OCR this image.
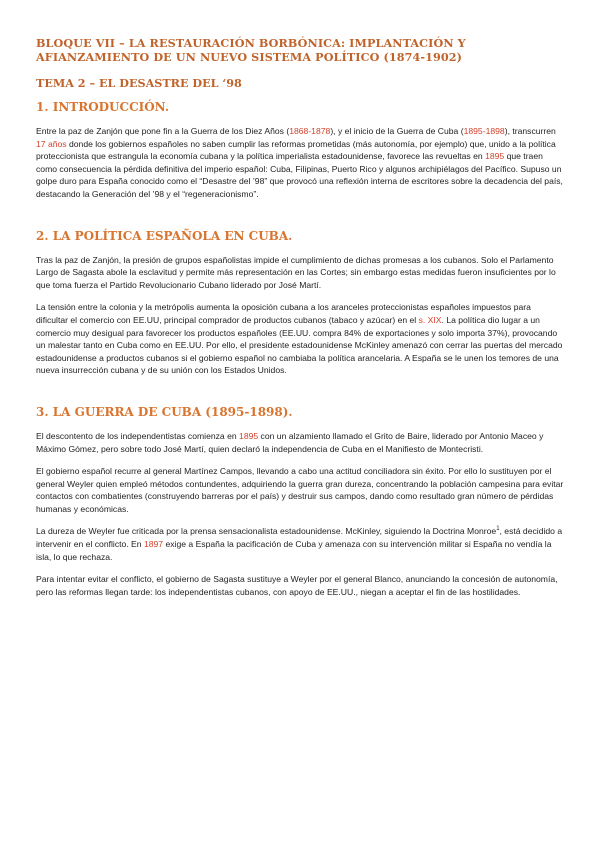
BLOQUE VII – LA RESTAURACIÓN BORBÓNICA: IMPLANTACIÓN Y AFIANZAMIENTO DE UN NUEVO SISTEMA POLÍTICO (1874-1902)
TEMA 2 – EL DESASTRE DEL ‘98
1. INTRODUCCIÓN.
Entre la paz de Zanjón que pone fin a la Guerra de los Diez Años (1868-1878), y el inicio de la Guerra de Cuba (1895-1898), transcurren 17 años donde los gobiernos españoles no saben cumplir las reformas prometidas (más autonomía, por ejemplo) que, unido a la política proteccionista que estrangula la economía cubana y la política imperialista estadounidense, favorece las revueltas en 1895 que traen como consecuencia la pérdida definitiva del imperio español: Cuba, Filipinas, Puerto Rico y algunos archipiélagos del Pacífico. Supuso un golpe duro para España conocido como el “Desastre del ’98” que provocó una reflexión interna de escritores sobre la decadencia del país, destacando la Generación del ’98 y el “regeneracionismo”.
2. LA POLÍTICA ESPAÑOLA EN CUBA.
Tras la paz de Zanjón, la presión de grupos españolistas impide el cumplimiento de dichas promesas a los cubanos. Solo el Parlamento Largo de Sagasta abole la esclavitud y permite más representación en las Cortes; sin embargo estas medidas fueron insuficientes por lo que toma fuerza el Partido Revolucionario Cubano liderado por José Martí.
La tensión entre la colonia y la metrópolis aumenta la oposición cubana a los aranceles proteccionistas españoles impuestos para dificultar el comercio con EE.UU, principal comprador de productos cubanos (tabaco y azúcar) en el s. XIX. La política dio lugar a un comercio muy desigual para favorecer los productos españoles (EE.UU. compra 84% de exportaciones y solo importa 37%), provocando un malestar tanto en Cuba como en EE.UU. Por ello, el presidente estadounidense McKinley amenazó con cerrar las puertas del mercado estadounidense a productos cubanos si el gobierno español no cambiaba la política arancelaria. A España se le unen los temores de una nueva insurrección cubana y de su unión con los Estados Unidos.
3. LA GUERRA DE CUBA (1895-1898).
El descontento de los independentistas comienza en 1895 con un alzamiento llamado el Grito de Baire, liderado por Antonio Maceo y Máximo Gómez, pero sobre todo José Martí, quien declaró la independencia de Cuba en el Manifiesto de Montecristi.
El gobierno español recurre al general Martínez Campos, llevando a cabo una actitud conciliadora sin éxito. Por ello lo sustituyen por el general Weyler quien empleó métodos contundentes, adquiriendo la guerra gran dureza, concentrando la población campesina para evitar contactos con combatientes (construyendo barreras por el país) y destruir sus campos, dando como resultado gran número de pérdidas humanas y económicas.
La dureza de Weyler fue criticada por la prensa sensacionalista estadounidense. McKinley, siguiendo la Doctrina Monroe$^1$, está decidido a intervenir en el conflicto. En 1897 exige a España la pacificación de Cuba y amenaza con su intervención militar si España no vendía la isla, lo que rechaza.
Para intentar evitar el conflicto, el gobierno de Sagasta sustituye a Weyler por el general Blanco, anunciando la concesión de autonomía, pero las reformas llegan tarde: los independentistas cubanos, con apoyo de EE.UU., niegan a aceptar el fin de las hostilidades.
